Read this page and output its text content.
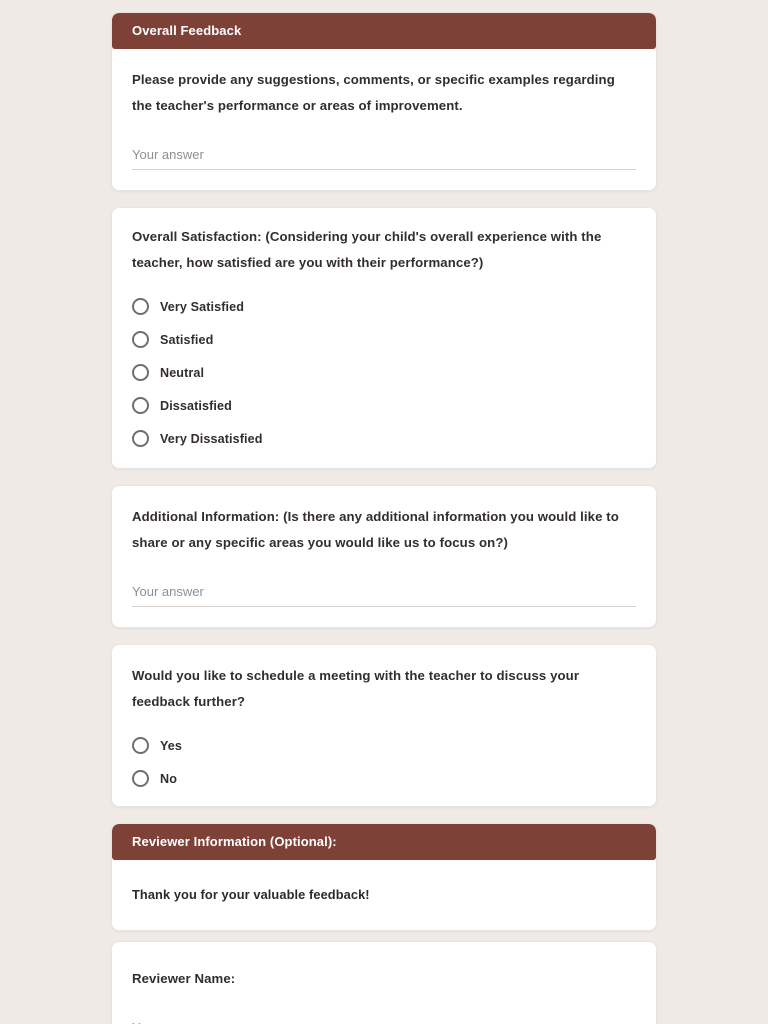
Overall Feedback
Please provide any suggestions, comments, or specific examples regarding the teacher's performance or areas of improvement.
Your answer
Overall Satisfaction: (Considering your child's overall experience with the teacher, how satisfied are you with their performance?)
Very Satisfied
Satisfied
Neutral
Dissatisfied
Very Dissatisfied
Additional Information: (Is there any additional information you would like to share or any specific areas you would like us to focus on?)
Your answer
Would you like to schedule a meeting with the teacher to discuss your feedback further?
Yes
No
Reviewer Information (Optional):
Thank you for your valuable feedback!
Reviewer Name:
Your answer
